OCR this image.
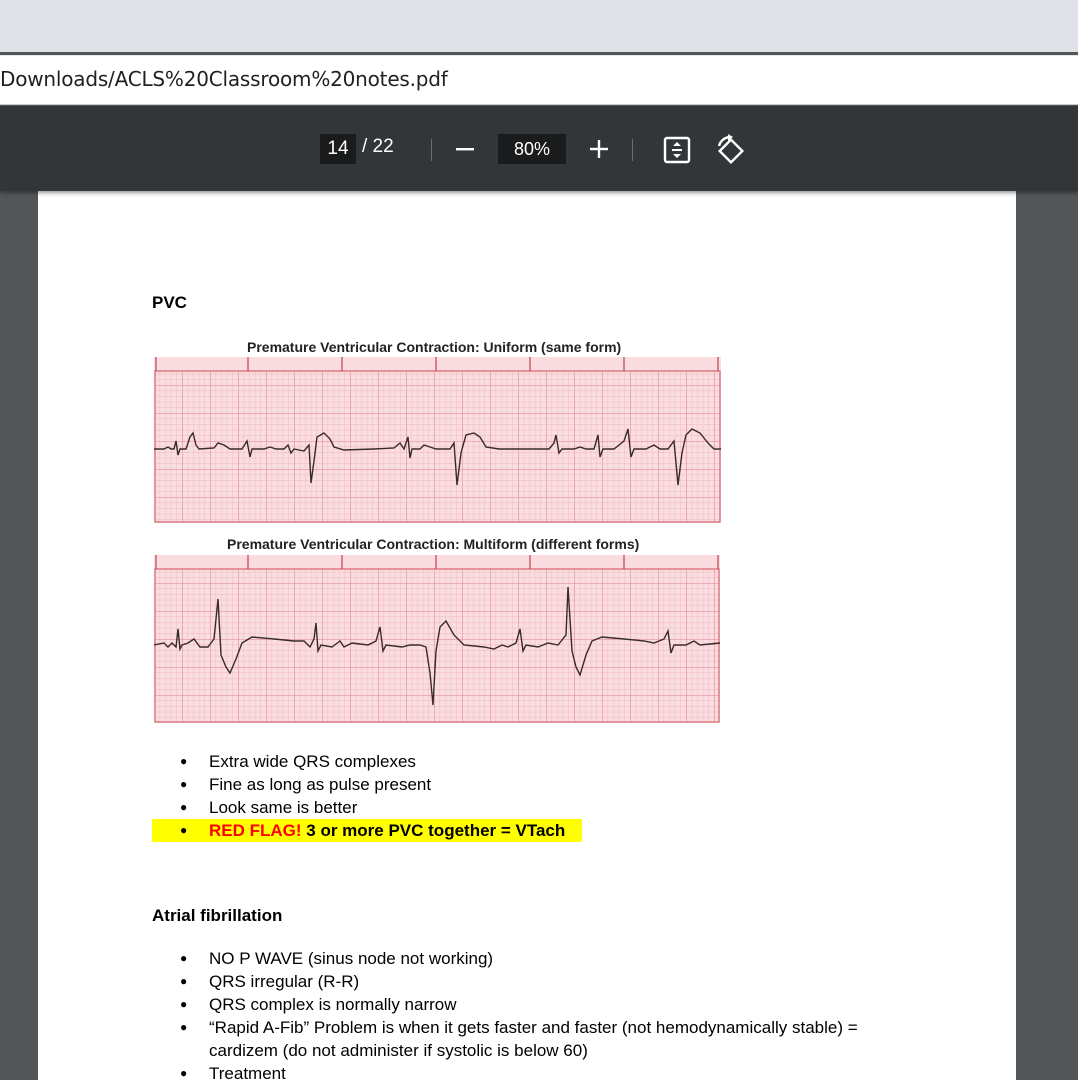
Downloads/ACLS%20Classroom%20notes.pdf
14 / 22	80%
PVC
Premature Ventricular Contraction: Uniform (same form)
Premature Ventricular Contraction: Multiform (different forms)
● Extra wide QRS complexes
● Fine as long as pulse present
● Look same is better
● RED FLAG! 3 or more PVC together = VTach
Atrial fibrillation
● NO P WAVE (sinus node not working)
● QRS irregular (R-R)
● QRS complex is normally narrow
● “Rapid A-Fib” Problem is when it gets faster and faster (not hemodynamically stable) = cardizem (do not administer if systolic is below 60)
● Treatment
